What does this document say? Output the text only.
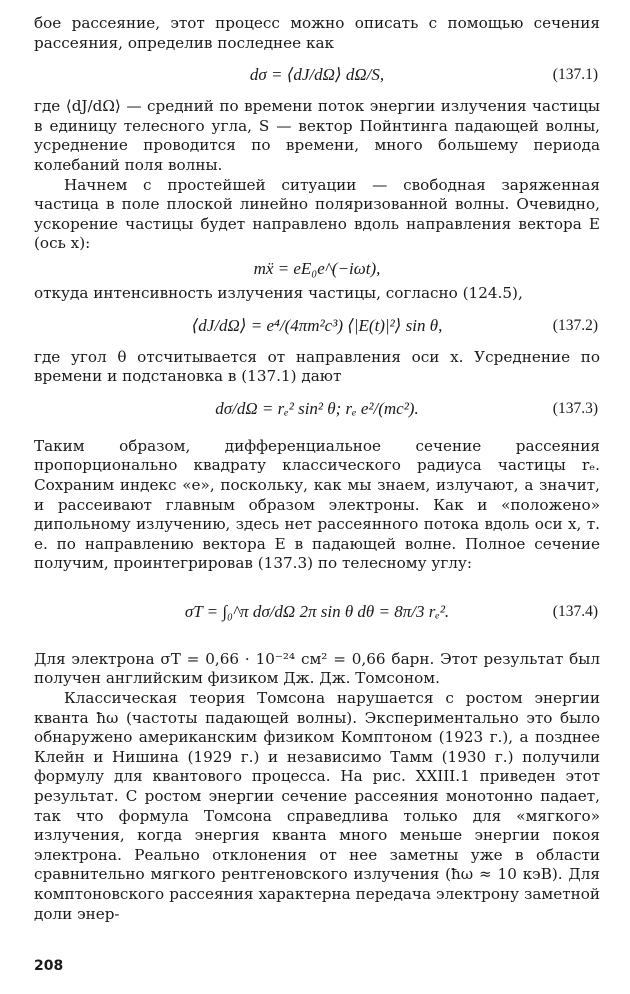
бое рассеяние, этот процесс можно описать с помощью сечения рассеяния, определив последнее как

dσ = ⟨dJ/dΩ⟩ dΩ/S,	(137.1)

где ⟨dJ/dΩ⟩ — средний по времени поток энергии излучения частицы в единицу телесного угла, S — вектор Пойнтинга падающей волны, усреднение проводится по времени, много большему периода колебаний поля волны.

Начнем с простейшей ситуации — свободная заряженная частица в поле плоской линейно поляризованной волны. Очевидно, ускорение частицы будет направлено вдоль направления вектора E (ось x):

mẍ = eE₀e^(−iωt),

откуда интенсивность излучения частицы, согласно (124.5),

⟨dJ/dΩ⟩ = e⁴/(4πm²c³) ⟨|E(t)|²⟩ sin θ,	(137.2)

где угол θ отсчитывается от направления оси x. Усреднение по времени и подстановка в (137.1) дают

dσ/dΩ = rₑ² sin² θ; rₑ e²/(mc²).	(137.3)

Таким образом, дифференциальное сечение рассеяния пропорционально квадрату классического радиуса частицы rₑ. Сохраним индекс «e», поскольку, как мы знаем, излучают, а значит, и рассеивают главным образом электроны. Как и «положено» дипольному излучению, здесь нет рассеянного потока вдоль оси x, т. е. по направлению вектора E в падающей волне. Полное сечение получим, проинтегрировав (137.3) по телесному углу:

σT = ∫₀^π dσ/dΩ 2π sin θ dθ = 8π/3 rₑ².	(137.4)

Для электрона σT = 0,66 · 10⁻²⁴ см² = 0,66 барн. Этот результат был получен английским физиком Дж. Дж. Томсоном.

Классическая теория Томсона нарушается с ростом энергии кванта ħω (частоты падающей волны). Экспериментально это было обнаружено американским физиком Комптоном (1923 г.), а позднее Клейн и Нишина (1929 г.) и независимо Тамм (1930 г.) получили формулу для квантового процесса. На рис. XXIII.1 приведен этот результат. С ростом энергии сечение рассеяния монотонно падает, так что формула Томсона справедлива только для «мягкого» излучения, когда энергия кванта много меньше энергии покоя электрона. Реально отклонения от нее заметны уже в области сравнительно мягкого рентгеновского излучения (ħω ≈ 10 кэВ). Для комптоновского рассеяния характерна передача электрону заметной доли энер-

208
